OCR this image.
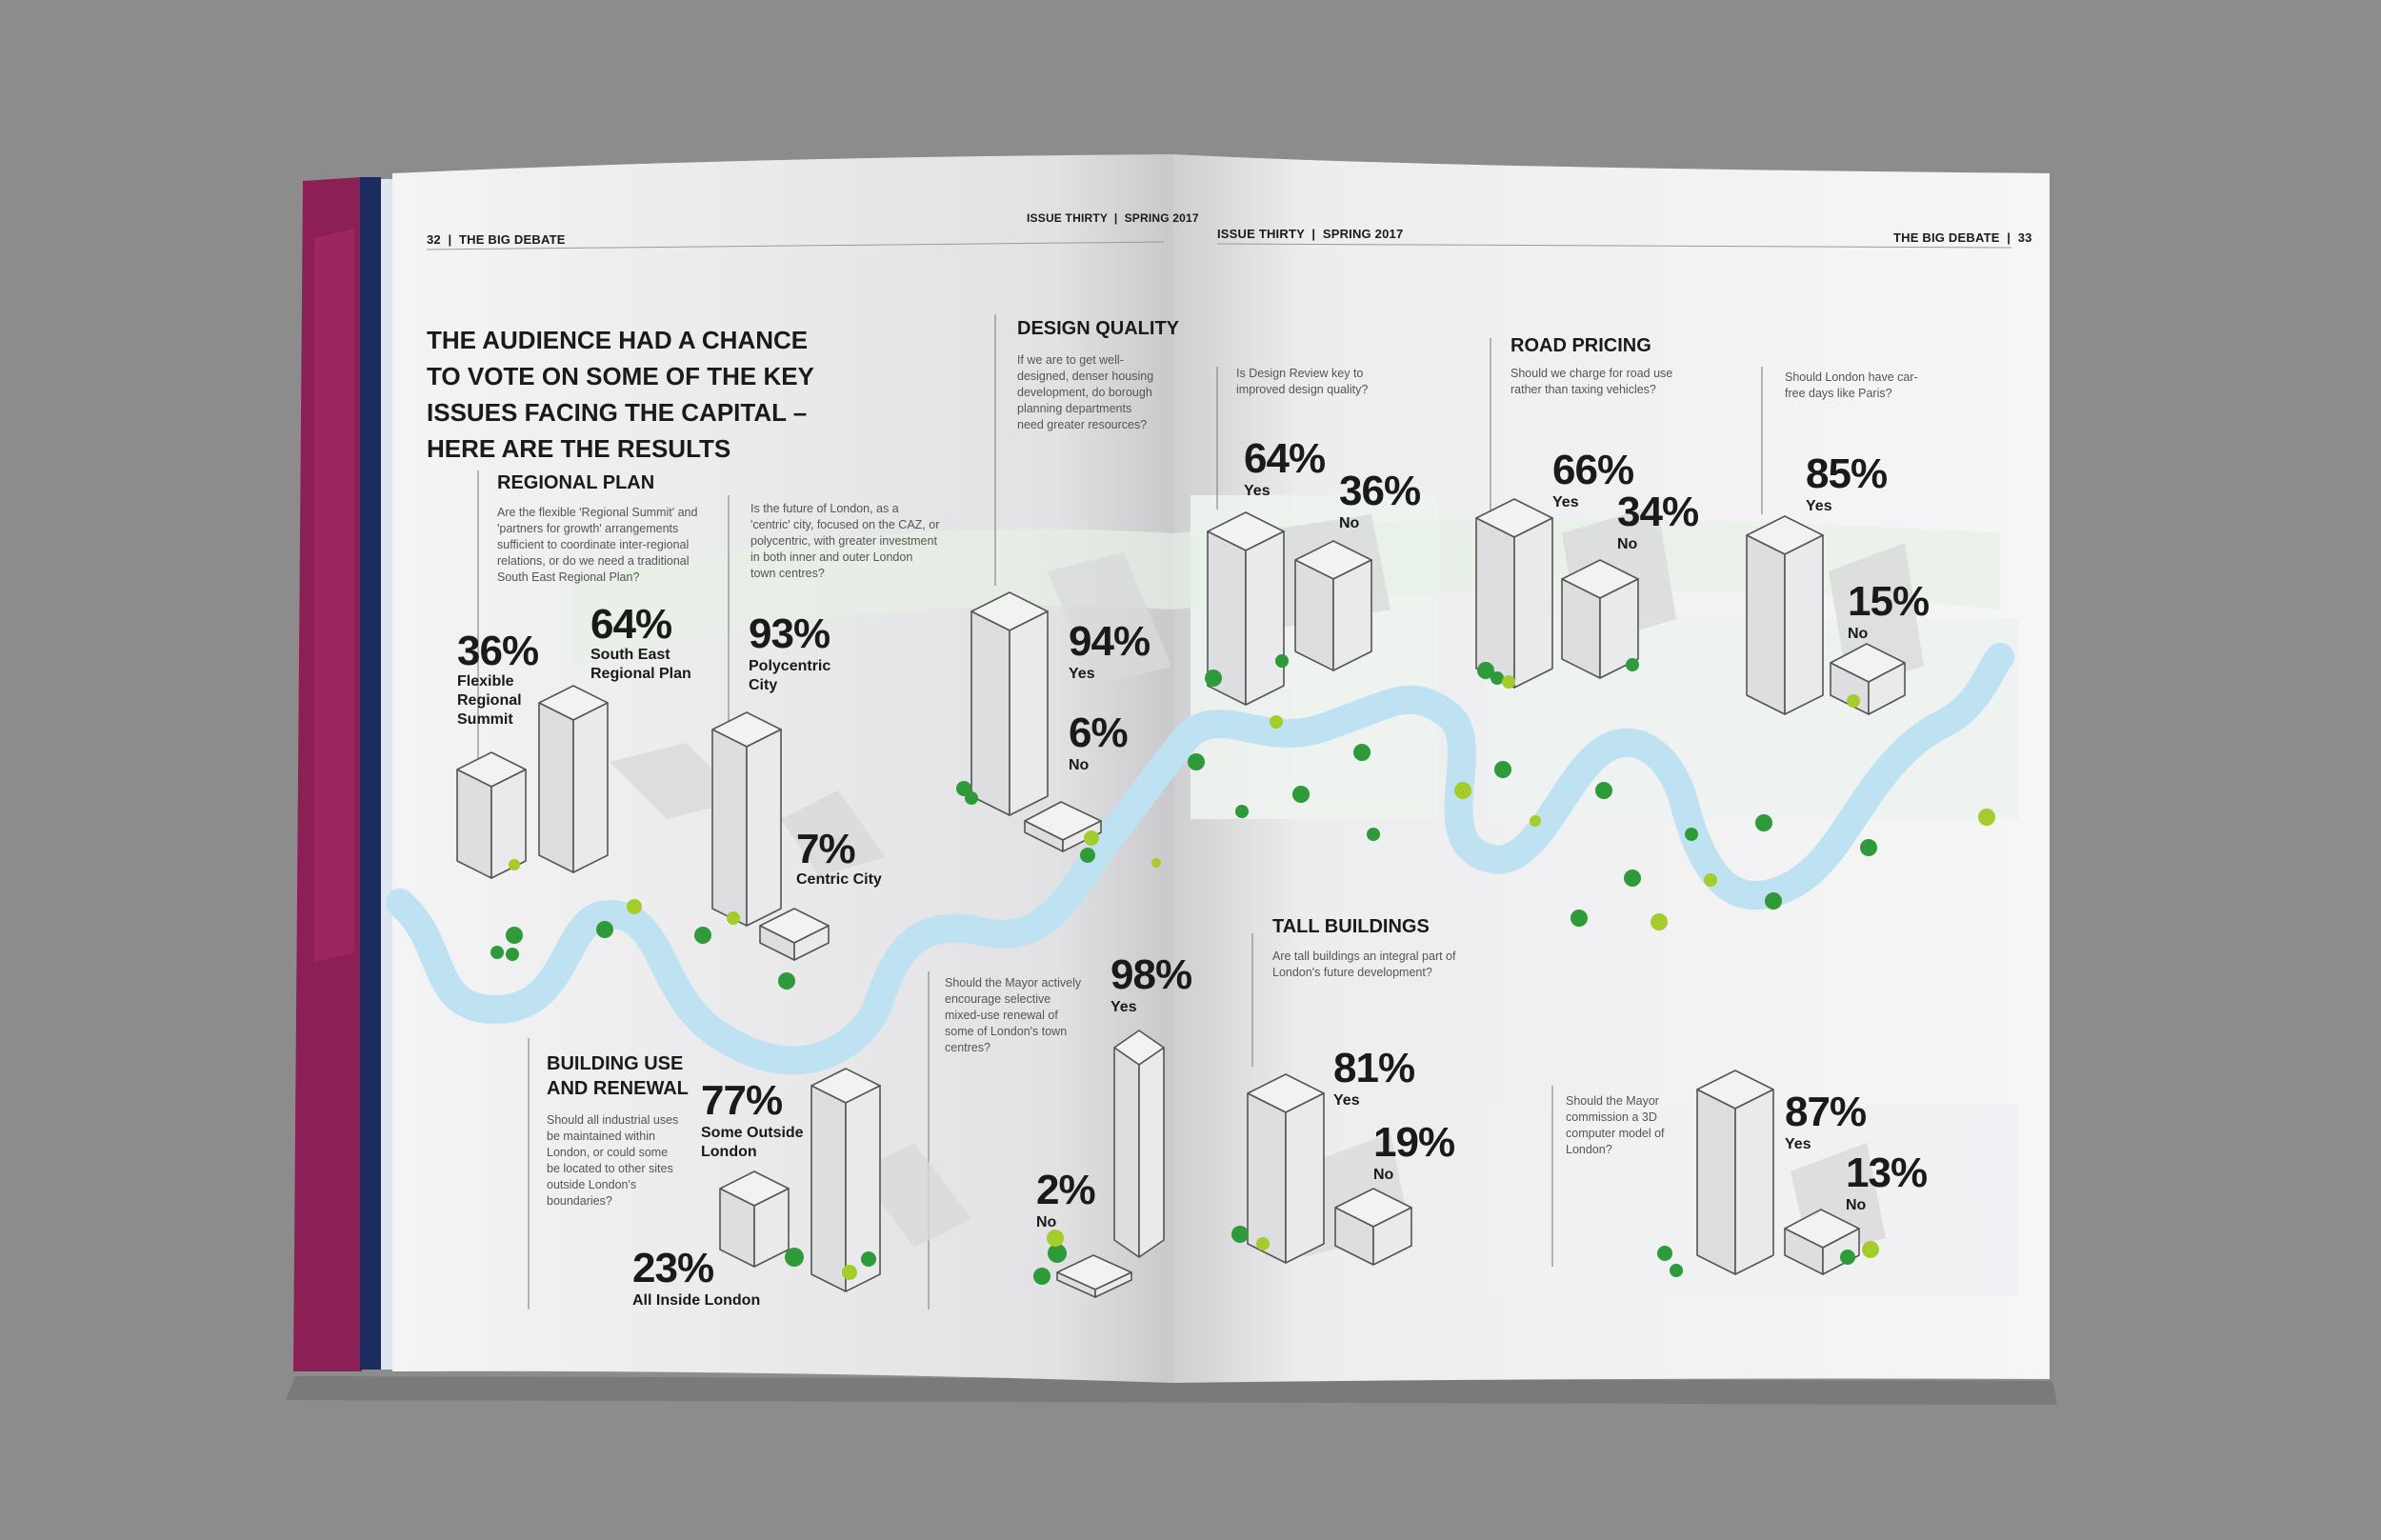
32  |  THE BIG DEBATE
ISSUE THIRTY  |  SPRING 2017
THE AUDIENCE HAD A CHANCE TO VOTE ON SOME OF THE KEY ISSUES FACING THE CAPITAL – HERE ARE THE RESULTS
REGIONAL PLAN
Are the flexible 'Regional Summit' and 'partners for growth' arrangements sufficient to coordinate inter-regional relations, or do we need a traditional South East Regional Plan?
36%
Flexible Regional Summit
64%
South East Regional Plan
Is the future of London, as a 'centric' city, focused on the CAZ, or polycentric, with greater investment in both inner and outer London town centres?
93%
Polycentric City
7%
Centric City
DESIGN QUALITY
If we are to get well-designed, denser housing development, do borough planning departments need greater resources?
94%
Yes
6%
No
BUILDING USE AND RENEWAL
Should all industrial uses be maintained within London, or could some be located to other sites outside London's boundaries?
77%
Some Outside London
23%
All Inside London
Should the Mayor actively encourage selective mixed-use renewal of some of London's town centres?
98%
Yes
2%
No
ISSUE THIRTY  |  SPRING 2017	THE BIG DEBATE  |  33
Is Design Review key to improved design quality?
64%
Yes 36%
No
ROAD PRICING
Should we charge for road use rather than taxing vehicles?
66%
Yes 34%
No
Should London have car-free days like Paris?
85%
Yes
15%
No
TALL BUILDINGS
Are tall buildings an integral part of London's future development?
81%
Yes
19%
No
Should the Mayor commission a 3D computer model of London?
87%
Yes
13%
No
